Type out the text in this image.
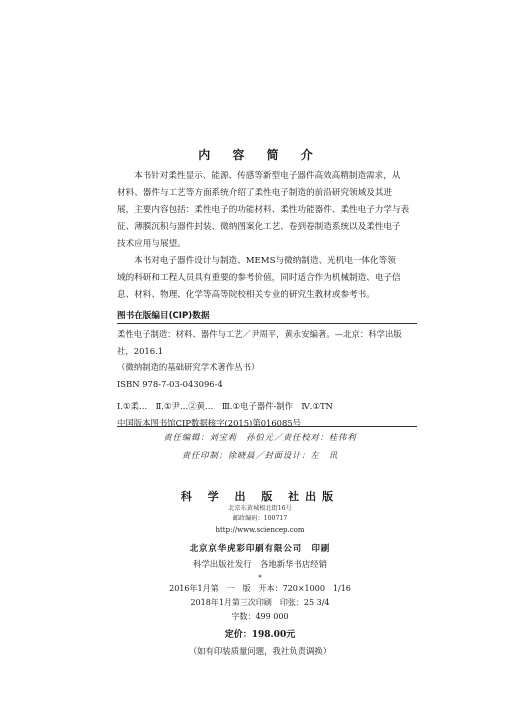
内 容 简 介
本书针对柔性显示、能源、传感等新型电子器件高效高精制造需求，从
材料、器件与工艺等方面系统介绍了柔性电子制造的前沿研究领域及其进
展，主要内容包括：柔性电子的功能材料、柔性功能器件、柔性电子力学与表
征、薄膜沉积与器件封装、微纳图案化工艺、卷到卷制造系统以及柔性电子
技术应用与展望。
本书对电子器件设计与制造、MEMS与微纳制造、光机电一体化等领
域的科研和工程人员具有重要的参考价值，同时适合作为机械制造、电子信
息、材料、物理、化学等高等院校相关专业的研究生教材或参考书。
图书在版编目(CIP)数据
柔性电子制造：材料、器件与工艺／尹周平，黄永安编著。—北京：科学出版
社，2016.1
（微纳制造的基础研究学术著作丛书）
ISBN 978-7-03-043096-4
Ⅰ.①柔…　Ⅱ.①尹…②黄…　Ⅲ.①电子器件-制作　Ⅳ.①TN
中国版本图书馆CIP数据核字(2015)第016085号
责任编辑：刘宝莉　孙伯元／责任校对：桂伟利
责任印制：徐晓晨／封面设计：左　讯
科 学 出 版 社出版
北京东黄城根北街16号
邮政编码：100717
http://www.sciencep.com
北京京华虎彩印刷有限公司　印刷
科学出版社发行　各地新华书店经销
*
2016年1月第　一　版　开本：720×1000　1/16
2018年1月第三次印刷　印张：25 3/4
字数：499 000
定价：198.00元
（如有印装质量问题，我社负责调换）
